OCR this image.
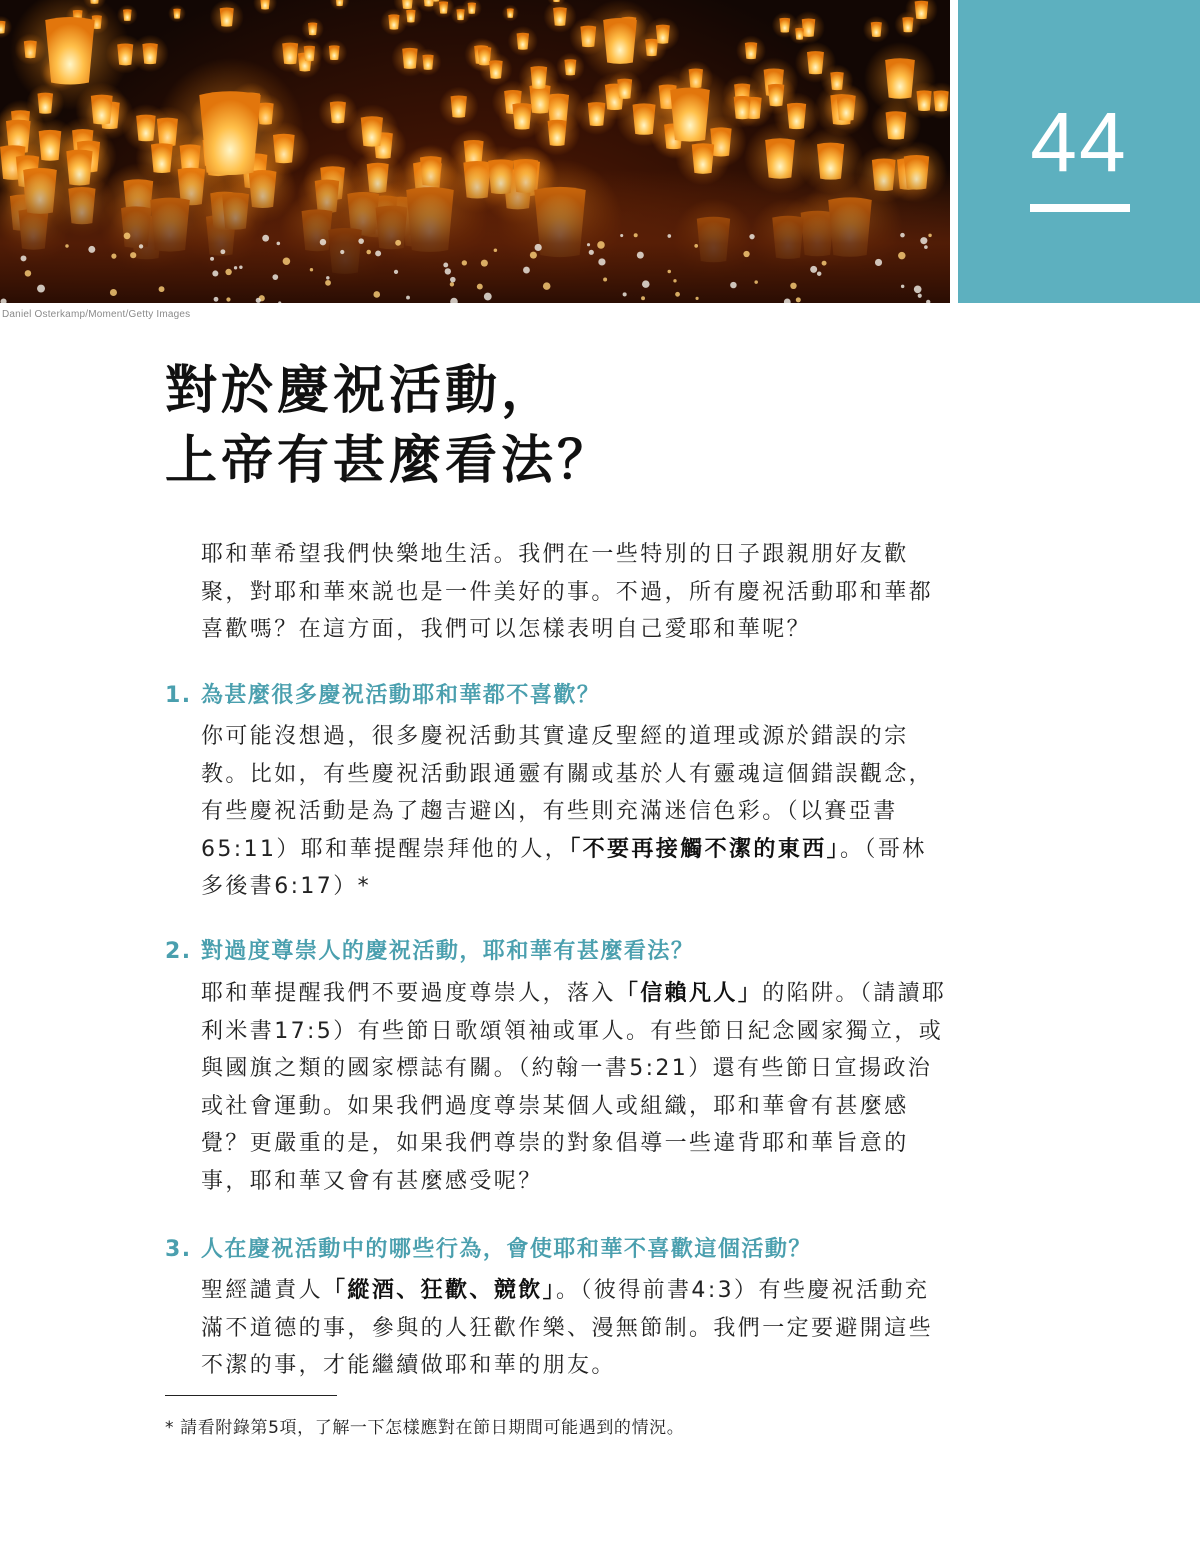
Daniel Osterkamp/Moment/Getty Images
44
對於慶祝活動，
上帝有甚麼看法？
耶和華希望我們快樂地生活。我們在一些特別的日子跟親朋好友歡聚，對耶和華來説也是一件美好的事。不過，所有慶祝活動耶和華都喜歡嗎？在這方面，我們可以怎樣表明自己愛耶和華呢？
1. 為甚麼很多慶祝活動耶和華都不喜歡？
你可能沒想過，很多慶祝活動其實違反聖經的道理或源於錯誤的宗教。比如，有些慶祝活動跟通靈有關或基於人有靈魂這個錯誤觀念，有些慶祝活動是為了趨吉避凶，有些則充滿迷信色彩。（以賽亞書65:11）耶和華提醒崇拜他的人，「不要再接觸不潔的東西」。（哥林多後書6:17）*
2. 對過度尊崇人的慶祝活動，耶和華有甚麼看法？
耶和華提醒我們不要過度尊崇人，落入「信賴凡人」的陷阱。（請讀耶利米書17:5）有些節日歌頌領袖或軍人。有些節日紀念國家獨立，或與國旗之類的國家標誌有關。（約翰一書5:21）還有些節日宣揚政治或社會運動。如果我們過度尊崇某個人或組織，耶和華會有甚麼感覺？更嚴重的是，如果我們尊崇的對象倡導一些違背耶和華旨意的事，耶和華又會有甚麼感受呢？
3. 人在慶祝活動中的哪些行為，會使耶和華不喜歡這個活動？
聖經譴責人「縱酒、狂歡、競飲」。（彼得前書4:3）有些慶祝活動充滿不道德的事，參與的人狂歡作樂、漫無節制。我們一定要避開這些不潔的事，才能繼續做耶和華的朋友。
* 請看附錄第5項，了解一下怎樣應對在節日期間可能遇到的情況。
